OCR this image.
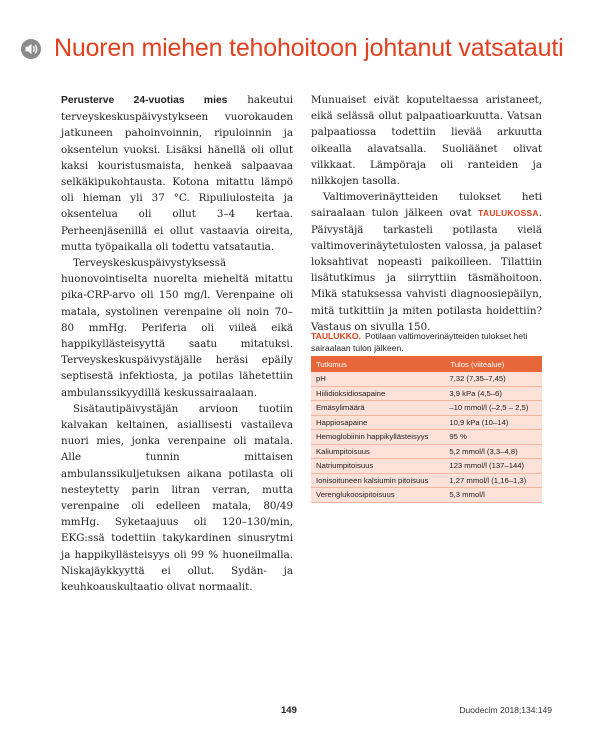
Nuoren miehen tehohoitoon johtanut vatsatauti

Perusterve 24-vuotias mies hakeutui terveyskeskuspäivystykseen vuorokauden jatkuneen pahoinvoinnin, ripuloinnin ja oksentelun vuoksi. Lisäksi hänellä oli ollut kaksi kouristusmaista, henkeä salpaavaa selkäkipukohtausta. Kotona mitattu lämpö oli hieman yli 37 °C. Ripuliulosteita ja oksentelua oli ollut 3–4 kertaa. Perheenjäsenillä ei ollut vastaavia oireita, mutta työpaikalla oli todettu vatsatautia.

Terveyskeskuspäivystyksessä huonovointiselta nuorelta mieheltä mitattu pika-CRP-arvo oli 150 mg/l. Verenpaine oli matala, systolinen verenpaine oli noin 70–80 mmHg. Periferia oli viileä eikä happikyllästeisyyttä saatu mitatuksi. Terveyskeskuspäivystäjälle heräsi epäily septisestä infektiosta, ja potilas lähetettiin ambulanssikyydillä keskussairaalaan.

Sisätautipäivystäjän arvioon tuotiin kalvakan keltainen, asiallisesti vastaileva nuori mies, jonka verenpaine oli matala. Alle tunnin mittaisen ambulanssikuljetuksen aikana potilasta oli nesteytetty parin litran verran, mutta verenpaine oli edelleen matala, 80/49 mmHg. Syketaajuus oli 120–130/min, EKG:ssä todettiin takykardinen sinusrytmi ja happikyllästeisyys oli 99 % huoneilmalla. Niskajäykkyyttä ei ollut. Sydän- ja keuhkoauskultaatio olivat normaalit.

Munuaiset eivät koputeltaessa aristaneet, eikä selässä ollut palpaatioarkuutta. Vatsan palpaatiossa todettiin lievää arkuutta oikealla alavatsalla. Suoliäänet olivat vilkkaat. Lämpöraja oli ranteiden ja nilkkojen tasolla.

Valtimoverinäytteiden tulokset heti sairaalaan tulon jälkeen ovat TAULUKOSSA. Päivystäjä tarkasteli potilasta vielä valtimoverinäytetulosten valossa, ja palaset loksahtivat nopeasti paikoilleen. Tilattiin lisätutkimus ja siirryttiin täsmähoitoon. Mikä statuksessa vahvisti diagnoosiepäilyn, mitä tutkittiin ja miten potilasta hoidettiin? Vastaus on sivulla 150.

TAULUKKO. Potilaan valtimoverinäytteiden tulokset heti sairaalaan tulon jälkeen.
Tutkimus	Tulos (viitealue)
pH	7,32 (7,35–7,45)
Hiilidioksidiosapaine	3,9 kPa (4,5–6)
Emäsylimäärä	–10 mmol/l (–2,5 – 2,5)
Happiosapaine	10,9 kPa (10–14)
Hemoglobiinin happikyllästeisyys	95 %
Kaliumpitoisuus	5,2 mmol/l (3,3–4,8)
Natriumpitoisuus	123 mmol/l (137–144)
Ionisoituneen kalsiumin pitoisuus	1,27 mmol/l (1,16–1,3)
Verenglukoosipitoisuus	5,3 mmol/l
149	Duodecim 2018;134:149
